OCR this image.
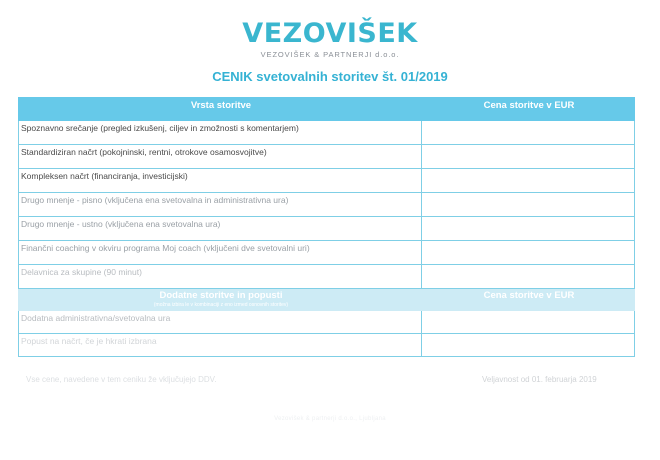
VEZOVIŠEK
VEZOVIŠEK & PARTNERJI d.o.o.
CENIK svetovalnih storitev št. 01/2019
Vrsta storitve	Cena storitve v EUR
Spoznavno srečanje (pregled izkušenj, ciljev in zmožnosti s komentarjem)	
Standardiziran načrt (pokojninski, rentni, otrokove osamosvojitve)	
Kompleksen načrt (financiranja, investicijski)	
Drugo mnenje - pisno (vključena ena svetovalna in administrativna ura)	
Drugo mnenje - ustno (vključena ena svetovalna ura)	
Finančni coaching v okviru programa Moj coach (vključeni dve svetovalni uri)	
Delavnica za skupine (90 minut)	

Dodatne storitve in popusti
(možna izbira le v kombinaciji z eno izmed osnovnih storitev)	Cena storitve v EUR
Dodatna administrativna/svetovalna ura	
Popust na načrt, če je hkrati izbrana	
Vse cene, navedene v tem ceniku že vključujejo DDV.	Veljavnost od 01. februarja 2019
Vezovišek & partnerji d.o.o., Ljubljana
